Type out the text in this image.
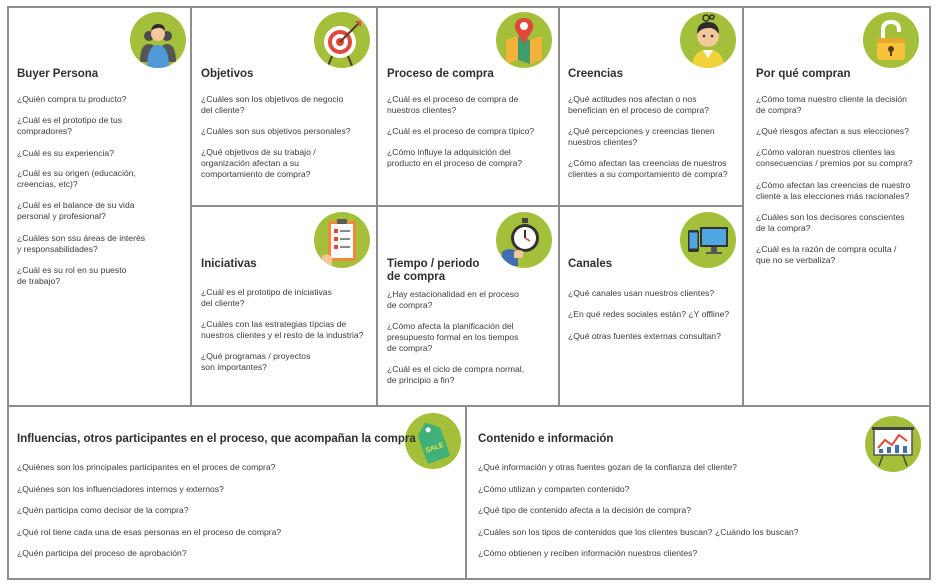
Buyer Persona
¿Quién compra tu producto?
¿Cuál es el prototipo de tus
compradores?
¿Cuál es su experiencia?
¿Cuál es su origen (educación,
creencias, etc)?
¿Cuál es el balance de su vida
personal y profesional?
¿Cuáles son ssu áreas de interés
y responsabilidades?
¿Cuál es su rol en su puesto
de trabajo?
Objetivos
¿Cuáles son los objetivos de negocio
del cliente?
¿Cuáles son sus objetivos personales?
¿Qué objetivos de su trabajo /
organización afectan a su
comportamiento de compra?
Proceso de compra
¿Cuál es el proceso de compra de
nuestros clientes?
¿Cuál es el proceso de compra típico?
¿Cómo influye la adquisición del
producto en el proceso de compra?
Creencias
¿Qué actitudes nos afectan o nos
benefician en el proceso de compra?
¿Qué percepciones y creencias tienen
nuestros clientes?
¿Cómo afectan las creencias de nuestros
clientes a su comportamiento de compra?
Por qué compran
¿Cómo toma nuestro cliente la decisión
de compra?
¿Qué riesgos afectan a sus elecciones?
¿Cómo valoran nuestros clientes las
consecuencias / premios por su compra?
¿Cómo afectan las creencias de nuestro
cliente a las elecciones más racionales?
¿Cuáles son los decisores conscientes
de la compra?
¿Cuál es la razón de compra oculta /
que no se verbaliza?
Iniciativas
¿Cuál es el prototipo de iniciativas
del cliente?
¿Cuáles con las estrategias típcias de
nuestros clientes y el resto de la industria?
¿Qué programas / proyectos
son importantes?
Tiempo / periodo
de compra
¿Hay estacionalidad en el proceso
de compra?
¿Cómo afecta la planificación del
presupuesto formal en los tiempos
de compra?
¿Cuál es el ciclo de compra normal,
de principio a fin?
Canales
¿Qué canales usan nuestros clientes?
¿En qué redes sociales están? ¿Y offline?
¿Qué otras fuentes externas consultan?
SALE
Influencias, otros participantes en el proceso, que acompañan la compra
¿Quiénes son los principales participantes en el proces de compra?
¿Quiénes son los influenciadores internos y externos?
¿Quén participa como decisor de la compra?
¿Qué rol tiene cada una de esas personas en el proceso de compra?
¿Quén participa del proceso de aprobación?
Contenido e información
¿Qué información y otras fuentes gozan de la confianza del cliente?
¿Cómo utilizan y comparten contenido?
¿Qué tipo de contenido afecta a la decisión de compra?
¿Cuáles son los tipos de contenidos que los clientes buscan? ¿Cuándo los buscan?
¿Cómo obtienen y reciben información nuestros clientes?
